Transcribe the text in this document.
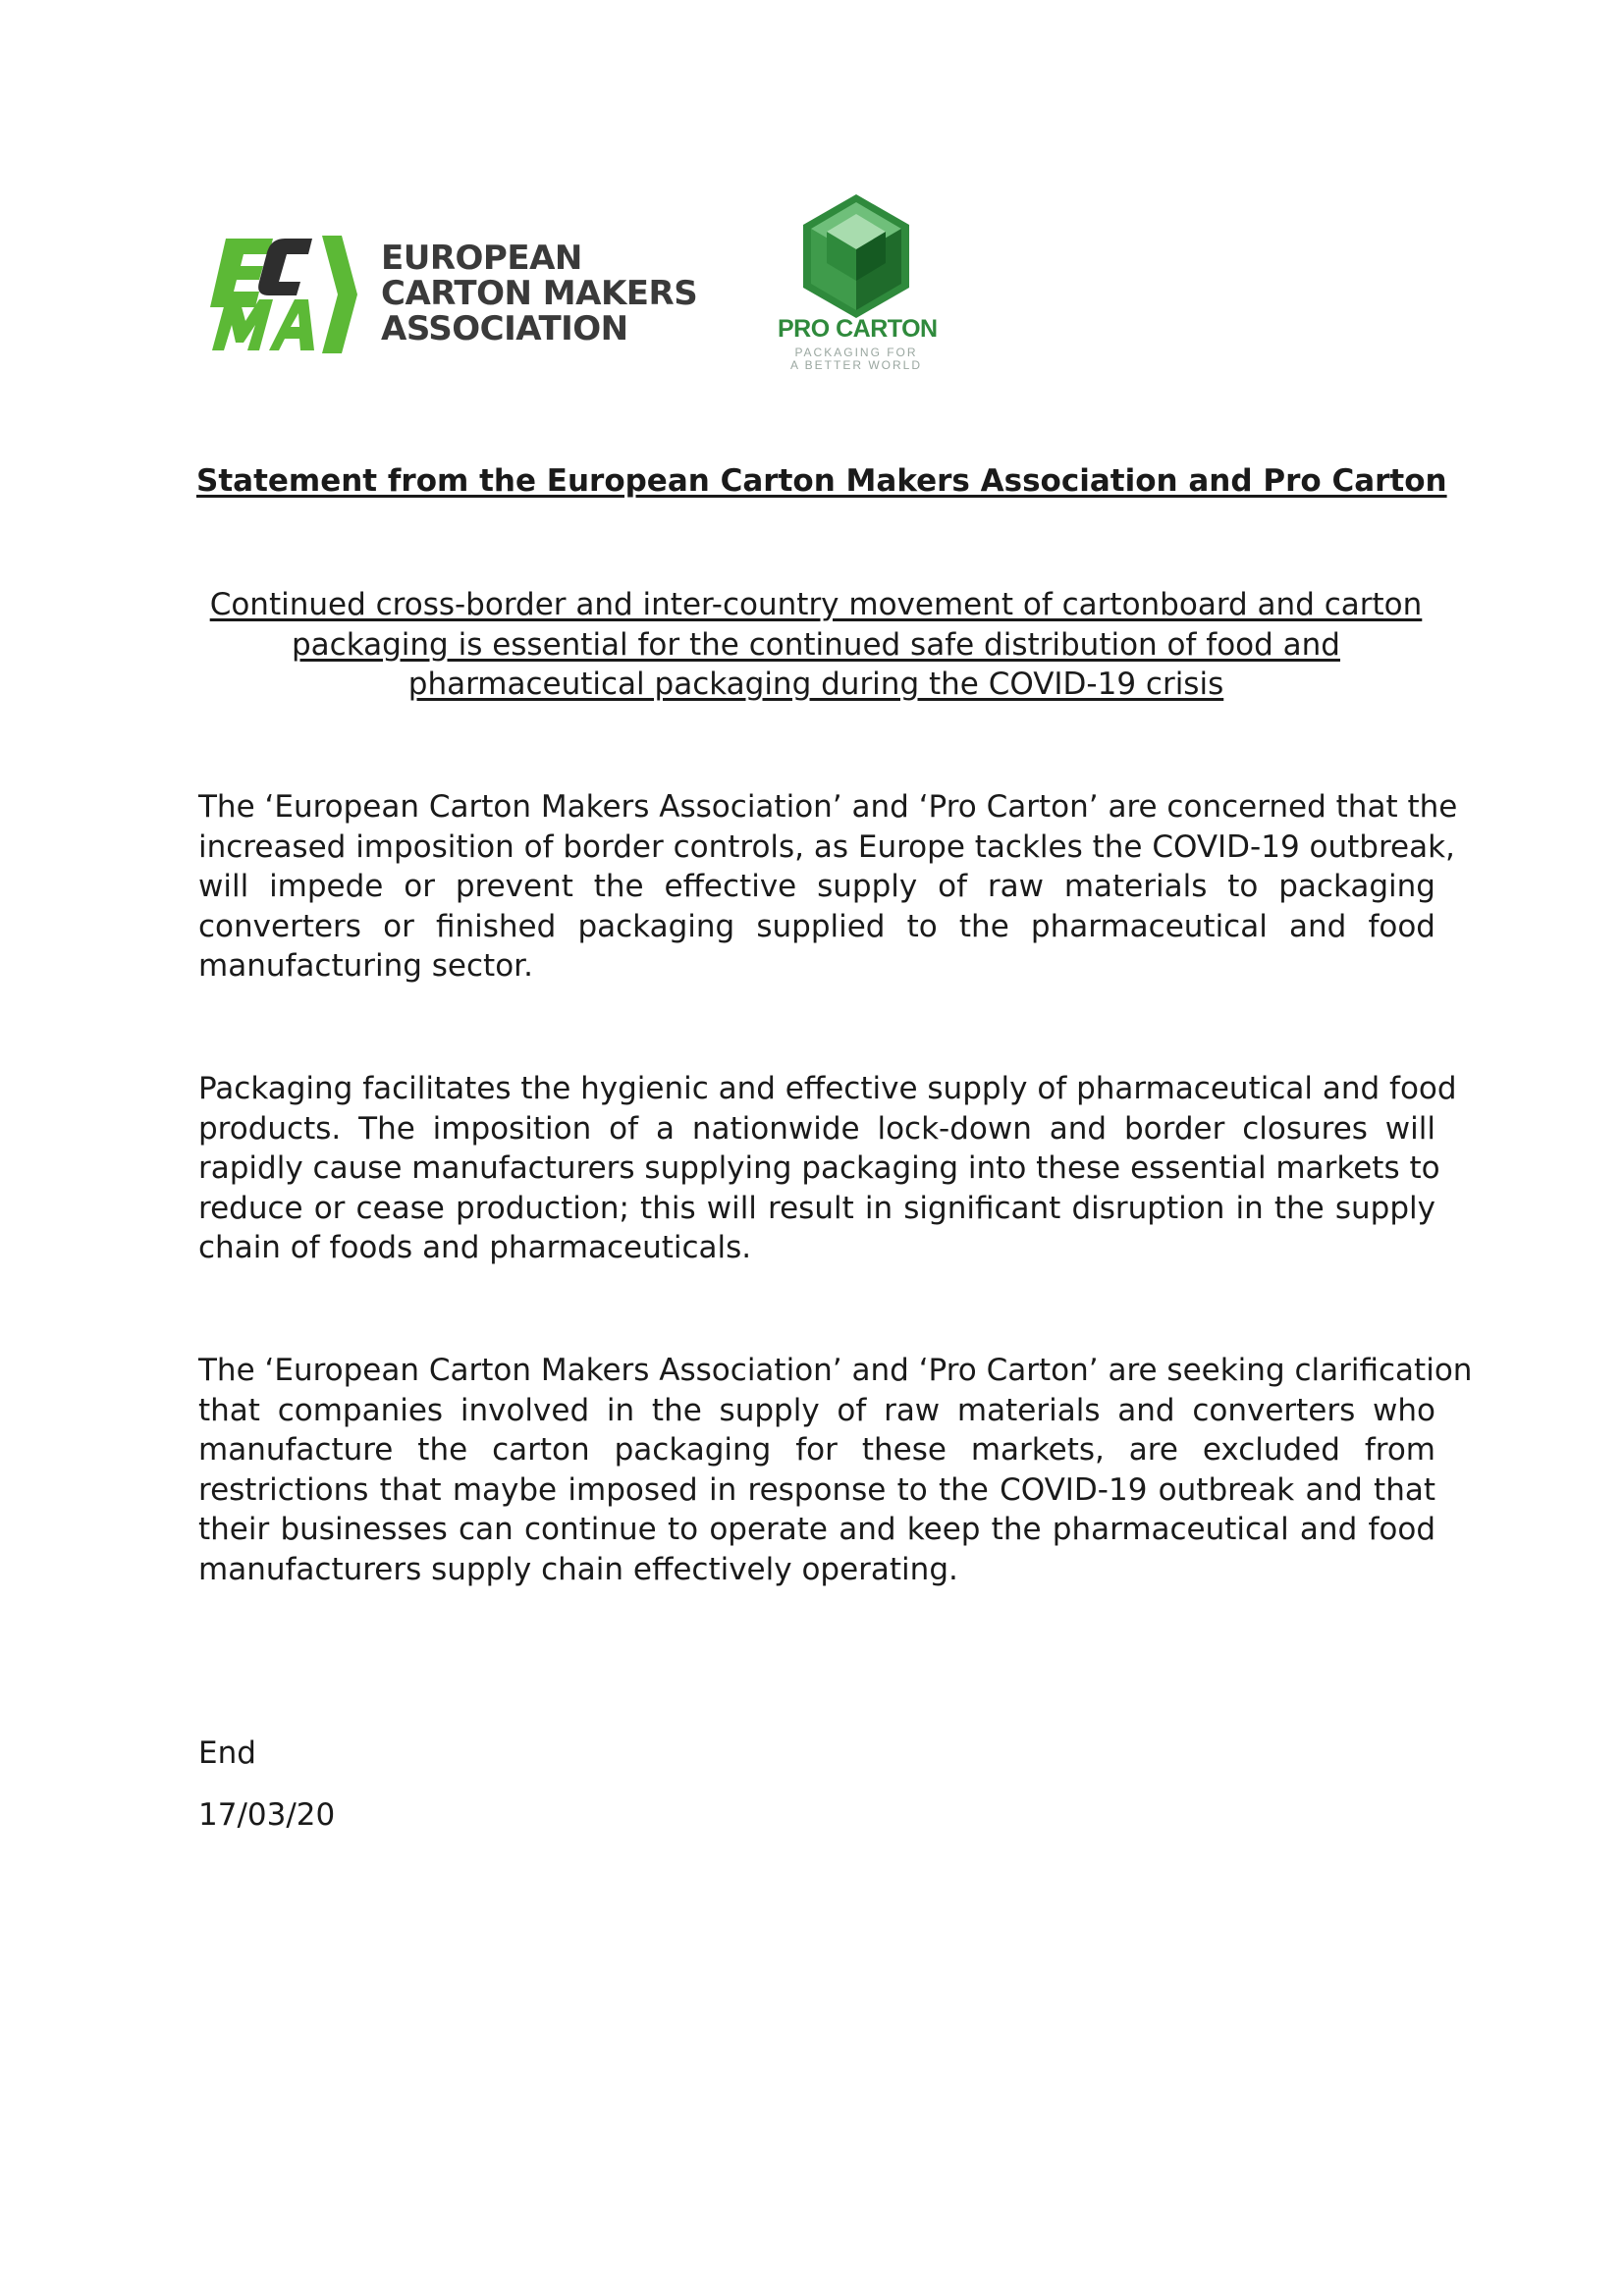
EUROPEAN
CARTON MAKERS
ASSOCIATION	PRO CARTON
PACKAGING FOR
A BETTER WORLD
Statement from the European Carton Makers Association and Pro Carton
Continued cross-border and inter-country movement of cartonboard and carton
packaging is essential for the continued safe distribution of food and
pharmaceutical packaging during the COVID-19 crisis
The ‘European Carton Makers Association’ and ‘Pro Carton’ are concerned that the
increased imposition of border controls, as Europe tackles the COVID-19 outbreak,
will impede or prevent the effective supply of raw materials to packaging
converters or finished packaging supplied to the pharmaceutical and food
manufacturing sector.
Packaging facilitates the hygienic and effective supply of pharmaceutical and food
products. The imposition of a nationwide lock-down and border closures will
rapidly cause manufacturers supplying packaging into these essential markets to
reduce or cease production; this will result in significant disruption in the supply
chain of foods and pharmaceuticals.
The ‘European Carton Makers Association’ and ‘Pro Carton’ are seeking clarification
that companies involved in the supply of raw materials and converters who
manufacture the carton packaging for these markets, are excluded from
restrictions that maybe imposed in response to the COVID-19 outbreak and that
their businesses can continue to operate and keep the pharmaceutical and food
manufacturers supply chain effectively operating.
End
17/03/20
